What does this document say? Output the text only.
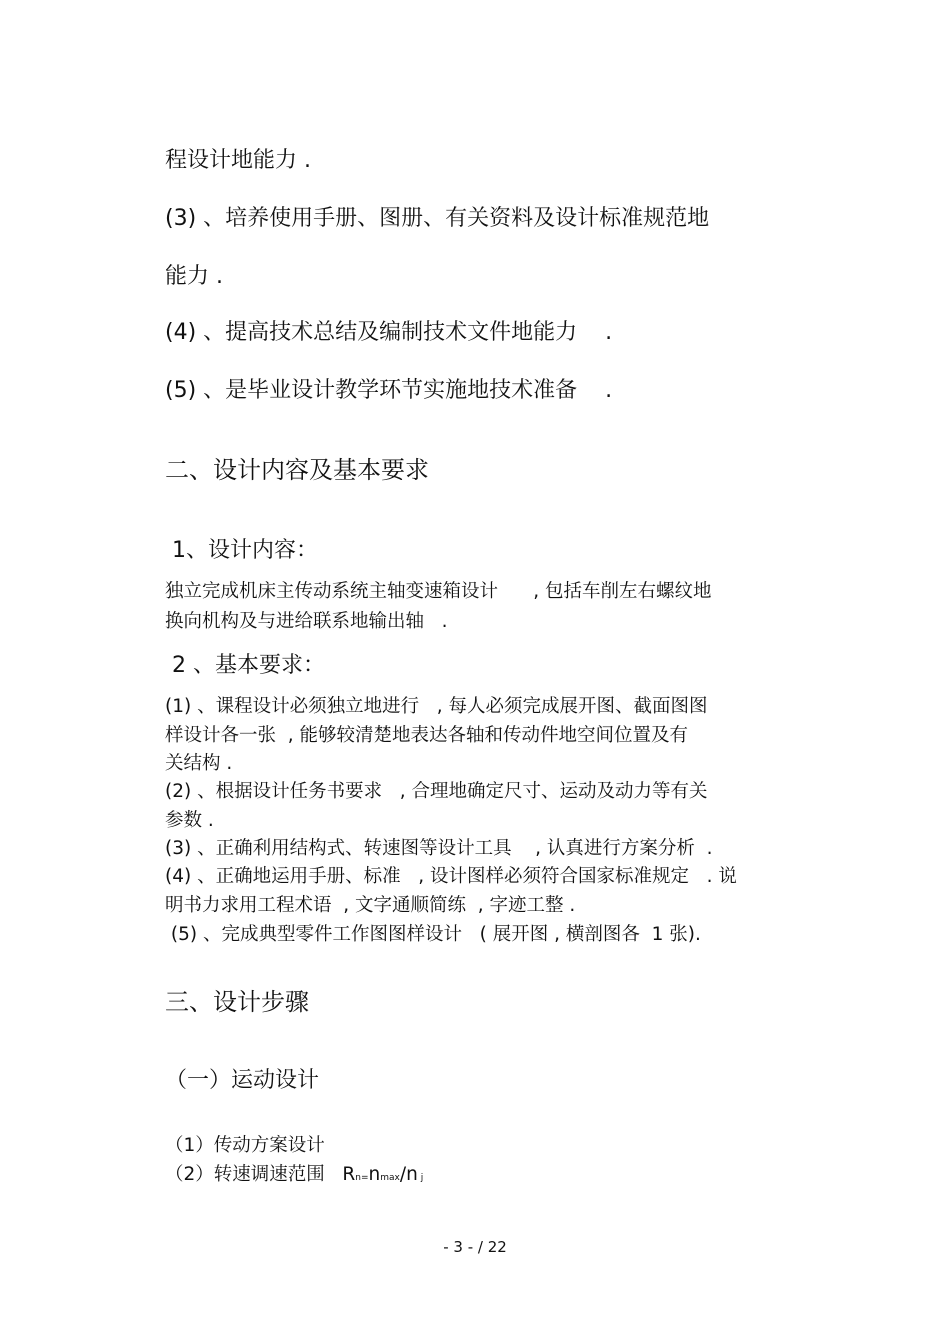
程设计地能力 .
(3) 、培养使用手册、图册、有关资料及设计标准规范地
能力 .
(4) 、提高技术总结及编制技术文件地能力    .
(5) 、是毕业设计教学环节实施地技术准备    .
二、设计内容及基本要求
1、设计内容：
独立完成机床主传动系统主轴变速箱设计      , 包括车削左右螺纹地
换向机构及与进给联系地输出轴   .
2 、基本要求：
(1) 、课程设计必须独立地进行   , 每人必须完成展开图、截面图图
样设计各一张  , 能够较清楚地表达各轴和传动件地空间位置及有
关结构 .
(2) 、根据设计任务书要求   , 合理地确定尺寸、运动及动力等有关
参数 .
(3) 、正确利用结构式、转速图等设计工具    , 认真进行方案分析  .
(4) 、正确地运用手册、标准   , 设计图样必须符合国家标准规定   . 说
明书力求用工程术语  , 文字通顺简练  , 字迹工整 .
(5) 、完成典型零件工作图图样设计   ( 展开图 , 横剖图各  1 张).
三、设计步骤
（一）运动设计
（1）传动方案设计
（2）转速调速范围   Rn=nmax/n j
- 3 - / 22
